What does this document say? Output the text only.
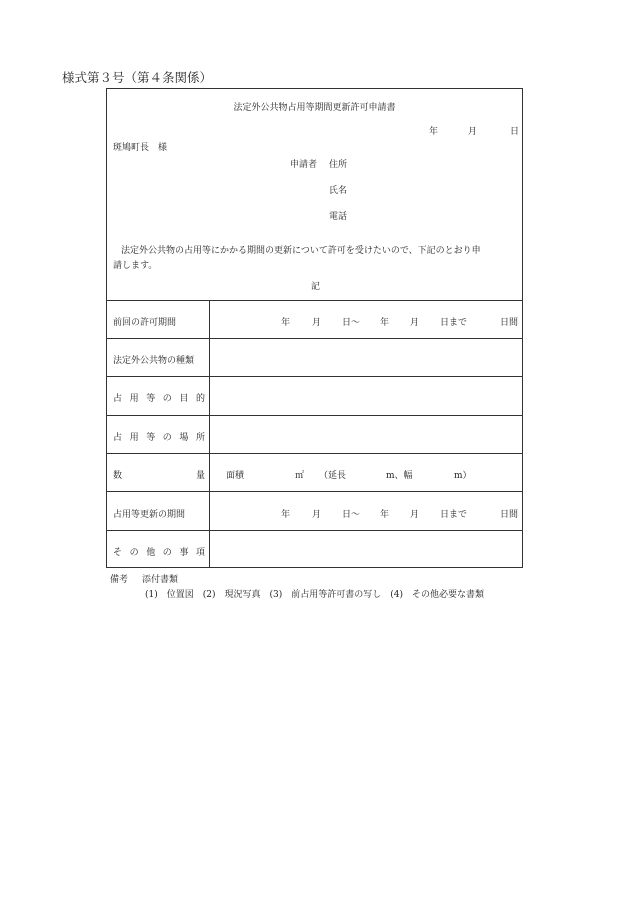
様式第３号（第４条関係）
法定外公共物占用等期間更新許可申請書
年	月	日
斑鳩町長　様
申請者 住所
氏名
電話
法定外公共物の占用等にかかる期間の更新について許可を受けたいので、下記のとおり申
請します。
記
前回の許可期間	年 月 日〜 年 月 日まで	日間
法定外公共物の種類
占 用 等 の 目 的
占 用 等 の 場 所
数	量 面積	㎡ （延長	m、幅	m）
占用等更新の期間	年 月 日〜 年 月 日まで	日間
そ の 他 の 事 項
備考 添付書類
(1)　位置図　(2)　現況写真　(3)　前占用等許可書の写し　(4)　その他必要な書類
